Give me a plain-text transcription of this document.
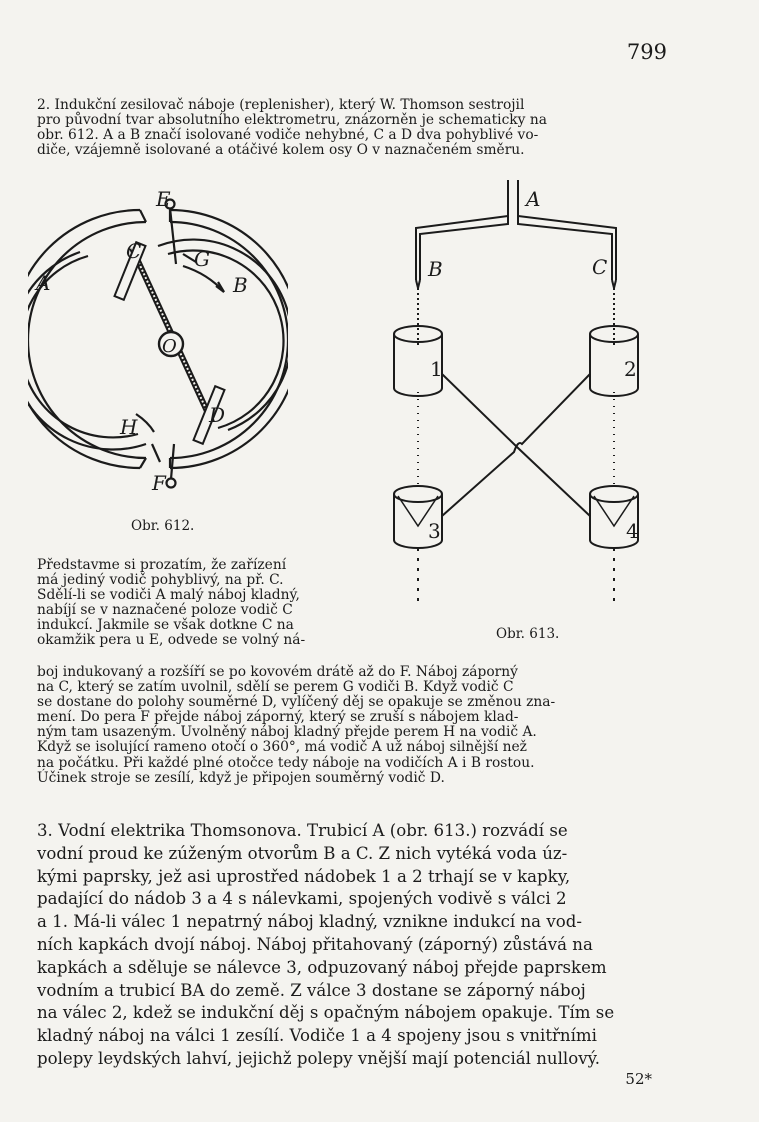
799

2. Indukční zesilovač náboje (replenisher), který W. Thomson sestrojil

pro původní tvar absolutního elektrometru, znázorněn je schematicky na

obr. 612. A a B značí isolované vodiče nehybné, C a D dva pohyblivé vo-

diče, vzájemně isolované a otáčivé kolem osy O v naznačeném směru.

A	B
C
D
E
F
G
H
O
Obr. 612.
A
B	C
1	2
3	4
Obr. 613.

Představme si prozatím, že zařízení

má jediný vodič pohyblivý, na př. C.

Sdělí-li se vodiči A malý náboj kladný,

nabíjí se v naznačené poloze vodič C

indukcí. Jakmile se však dotkne C na

okamžik pera u E, odvede se volný ná-

boj indukovaný a rozšíří se po kovovém drátě až do F. Náboj záporný

na C, který se zatím uvolnil, sdělí se perem G vodiči B. Když vodič C

se dostane do polohy souměrné D, vylíčený děj se opakuje se změnou zna-

mení. Do pera F přejde náboj záporný, který se zruší s nábojem klad-

ným tam usazeným. Uvolněný náboj kladný přejde perem H na vodič A.

Když se isolující rameno otočí o 360°, má vodič A už náboj silnější než

na počátku. Při každé plné otočce tedy náboje na vodičích A i B rostou.

Účinek stroje se zesílí, když je připojen souměrný vodič D.

3. Vodní elektrika Thomsonova. Trubicí A (obr. 613.) rozvádí se

vodní proud ke zúženým otvorům B a C. Z nich vytéká voda úz-

kými paprsky, jež asi uprostřed nádobek 1 a 2 trhají se v kapky,

padající do nádob 3 a 4 s nálevkami, spojených vodivě s válci 2

a 1. Má-li válec 1 nepatrný náboj kladný, vznikne indukcí na vod-

ních kapkách dvojí náboj. Náboj přitahovaný (záporný) zůstává na

kapkách a sděluje se nálevce 3, odpuzovaný náboj přejde paprskem

vodním a trubicí BA do země. Z válce 3 dostane se záporný náboj

na válec 2, kdež se indukční děj s opačným nábojem opakuje. Tím se

kladný náboj na válci 1 zesílí. Vodiče 1 a 4 spojeny jsou s vnitřními

polepy leydských lahví, jejichž polepy vnější mají potenciál nullový.

52*
